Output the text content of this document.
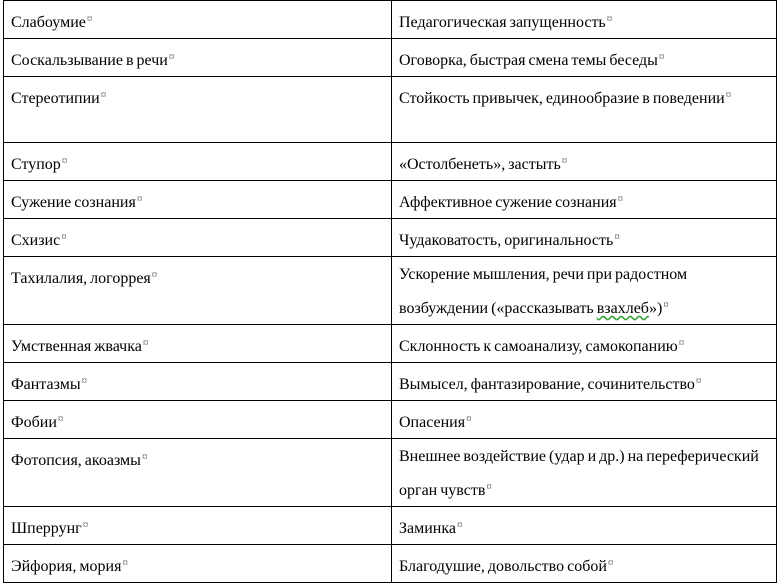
Слабоумие¤	Педагогическая запущенность¤
Соскальзывание в речи¤	Оговорка, быстрая смена темы беседы¤
Стереотипии¤	Стойкость привычек, единообразие в поведении¤
Ступор¤	«Остолбенеть», застыть¤
Сужение сознания¤	Аффективное сужение сознания¤
Схизис¤	Чудаковатость, оригинальность¤
Тахилалия, логоррея¤	Ускорение мышления, речи при радостном возбуждении («рассказывать взахлеб»)¤
Умственная жвачка¤	Склонность к самоанализу, самокопанию¤
Фантазмы¤	Вымысел, фантазирование, сочинительство¤
Фобии¤	Опасения¤
Фотопсия, акоазмы¤	Внешнее воздействие (удар и др.) на переферический орган чувств¤
Шперрунг¤	Заминка¤
Эйфория, мория¤	Благодушие, довольство собой¤
